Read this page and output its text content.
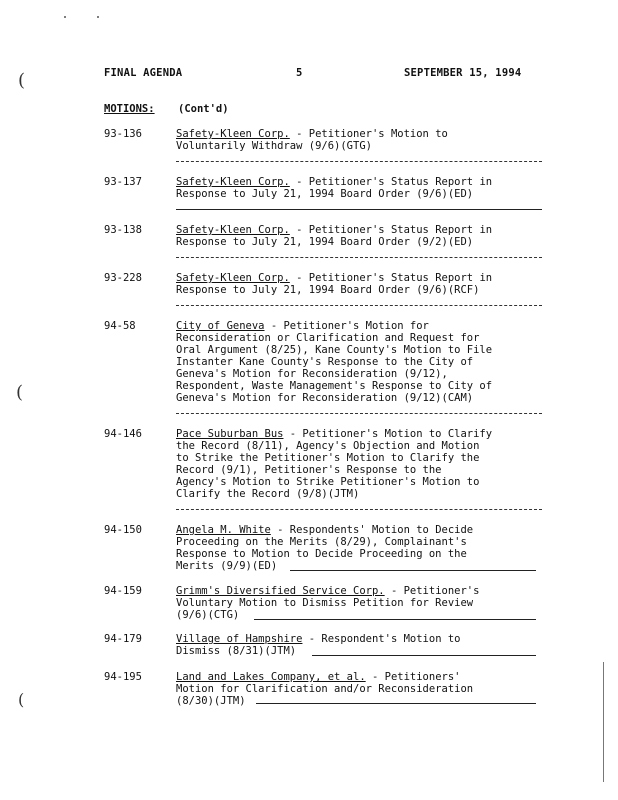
(
(
(
FINAL AGENDA	5	SEPTEMBER 15, 1994
MOTIONS: (Cont'd)
93-136	Safety-Kleen Corp. - Petitioner's Motion to
Voluntarily Withdraw (9/6)(GTG)
93-137	Safety-Kleen Corp. - Petitioner's Status Report in
Response to July 21, 1994 Board Order (9/6)(ED)
93-138	Safety-Kleen Corp. - Petitioner's Status Report in
Response to July 21, 1994 Board Order (9/2)(ED)
93-228	Safety-Kleen Corp. - Petitioner's Status Report in
Response to July 21, 1994 Board Order (9/6)(RCF)
94-58	City of Geneva - Petitioner's Motion for
Reconsideration or Clarification and Request for
Oral Argument (8/25), Kane County's Motion to File
Instanter Kane County's Response to the City of
Geneva's Motion for Reconsideration (9/12),
Respondent, Waste Management's Response to City of
Geneva's Motion for Reconsideration (9/12)(CAM)
94-146	Pace Suburban Bus - Petitioner's Motion to Clarify
the Record (8/11), Agency's Objection and Motion
to Strike the Petitioner's Motion to Clarify the
Record (9/1), Petitioner's Response to the
Agency's Motion to Strike Petitioner's Motion to
Clarify the Record (9/8)(JTM)
94-150	Angela M. White - Respondents' Motion to Decide
Proceeding on the Merits (8/29), Complainant's
Response to Motion to Decide Proceeding on the
Merits (9/9)(ED)
94-159	Grimm's Diversified Service Corp. - Petitioner's
Voluntary Motion to Dismiss Petition for Review
(9/6)(CTG)
94-179	Village of Hampshire - Respondent's Motion to
Dismiss (8/31)(JTM)
94-195	Land and Lakes Company, et al. - Petitioners'
Motion for Clarification and/or Reconsideration
(8/30)(JTM)
